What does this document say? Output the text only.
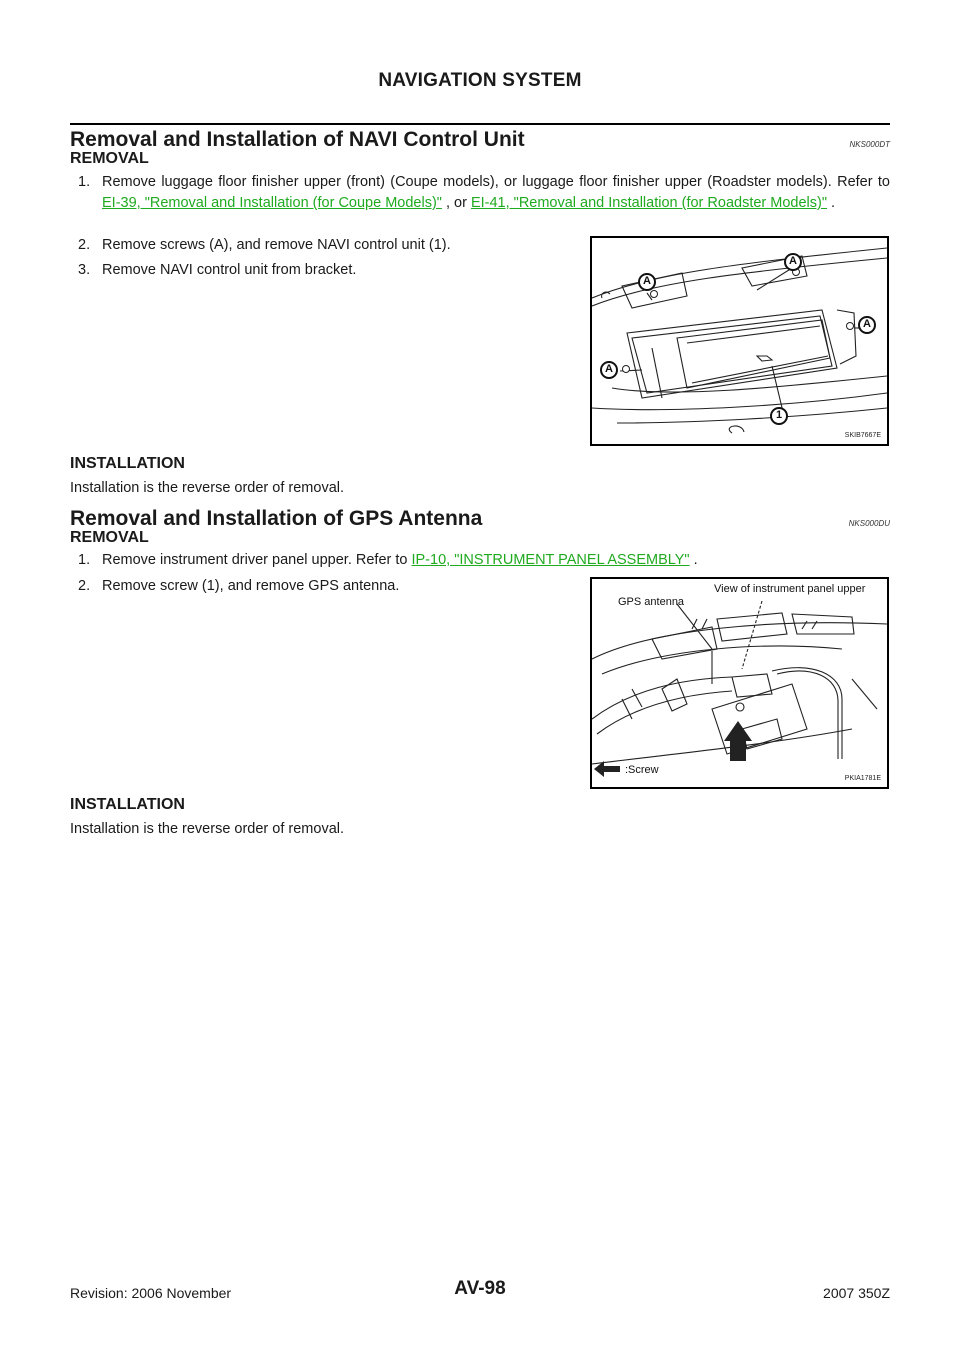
NAVIGATION SYSTEM
Removal and Installation of NAVI Control Unit	NKS000DT
REMOVAL
1. Remove luggage floor finisher upper (front) (Coupe models), or luggage floor finisher upper (Roadster models). Refer to EI-39, "Removal and Installation (for Coupe Models)" , or EI-41, "Removal and Installation (for Roadster Models)" .
2. Remove screws (A), and remove NAVI control unit (1).
3. Remove NAVI control unit from bracket.
A
A
A
A
1
SKIB7667E
INSTALLATION
Installation is the reverse order of removal.
Removal and Installation of GPS Antenna	NKS000DU
REMOVAL
1. Remove instrument driver panel upper. Refer to IP-10, "INSTRUMENT PANEL ASSEMBLY" .
2. Remove screw (1), and remove GPS antenna.	View of instrument panel upper
GPS antenna
:Screw
PKIA1781E
INSTALLATION
Installation is the reverse order of removal.
Revision: 2006 November	AV-98	2007 350Z
